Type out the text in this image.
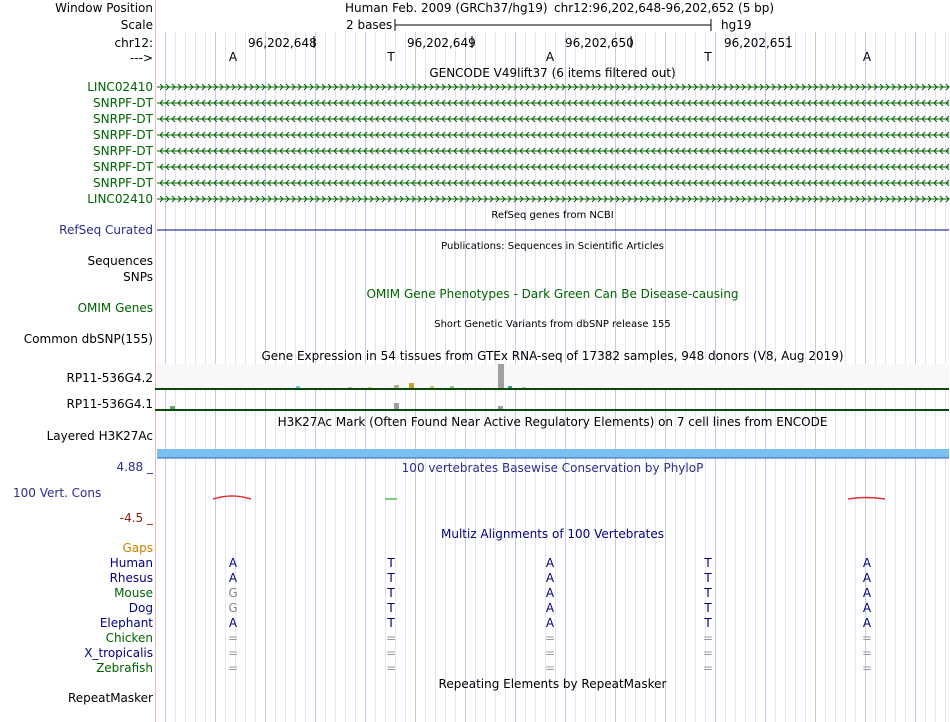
Window Position	Human Feb. 2009 (GRCh37/hg19) chr12:96,202,648-96,202,652 (5 bp)
Scale	2 bases	hg19
chr12:
--->
96,202,648	96,202,649	96,202,650	96,202,651
A	T	A	T	A
GENCODE V49lift37 (6 items filtered out)
LINC02410
SNRPF-DT
SNRPF-DT
SNRPF-DT
SNRPF-DT
SNRPF-DT
SNRPF-DT
LINC02410
RefSeq genes from NCBI
RefSeq Curated
Publications: Sequences in Scientific Articles
Sequences
SNPs
OMIM Gene Phenotypes - Dark Green Can Be Disease-causing
OMIM Genes
Short Genetic Variants from dbSNP release 155
Common dbSNP(155)
Gene Expression in 54 tissues from GTEx RNA-seq of 17382 samples, 948 donors (V8, Aug 2019)
RP11-536G4.2
RP11-536G4.1
H3K27Ac Mark (Often Found Near Active Regulatory Elements) on 7 cell lines from ENCODE
Layered H3K27Ac
4.88 _	100 vertebrates Basewise Conservation by PhyloP
100 Vert. Cons
-4.5 _
Multiz Alignments of 100 Vertebrates
Gaps
Human	A	T	A	T	A
Rhesus	A	T	A	T	A
Mouse	G	T	A	T	A
Dog	G	T	A	T	A
Elephant	A	T	A	T	A
Chicken	=	=	=	=	=
X_tropicalis	=	=	=	=	=
Zebrafish	=	=	=	=	=
Repeating Elements by RepeatMasker
RepeatMasker
